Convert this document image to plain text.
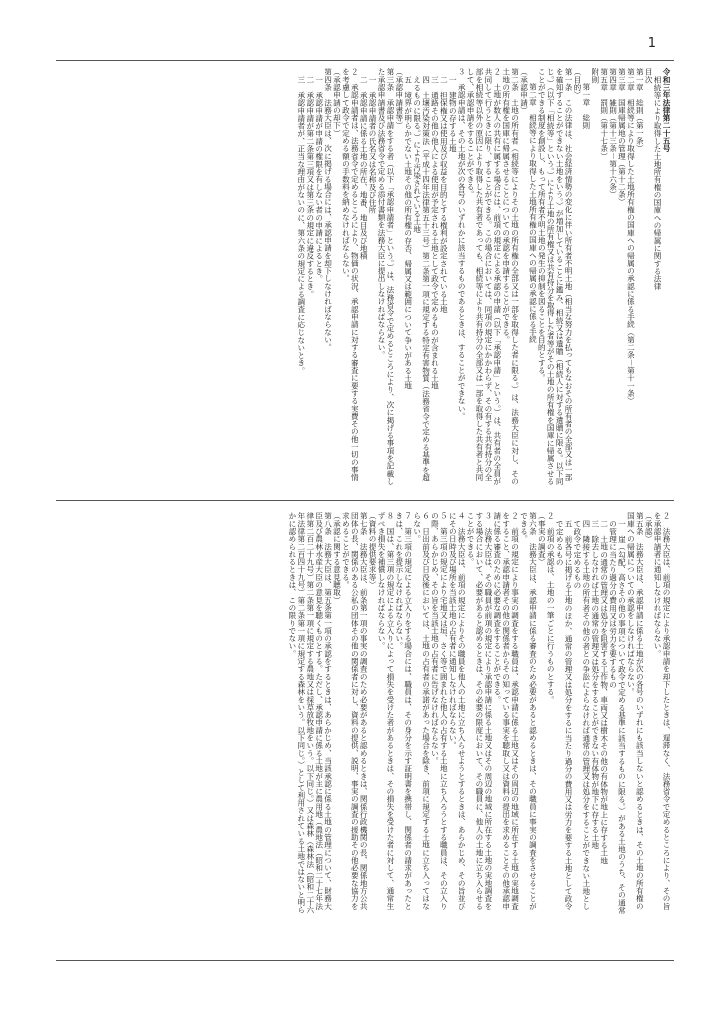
1
令和三年法律第二十五号
相続等により取得した土地所有権の国庫への帰属に関する法律
目次
第一章　総則（第一条）
第二章　相続等により取得した土地所有権の国庫への帰属の承認に係る手続（第二条－第十一条）
第三章　国庫帰属地の管理（第十二条）
第四章　雑則（第十三条－第十六条）
第五章　罰則（第十七条）
附則
第一章　総則
（目的）
第一条　この法律は、社会経済情勢の変化に伴い所有者不明土地（相当な努力を払ってもなおその所有者の全部又は一部を確知することができない土地をいう。）が増加していることに鑑み、相続又は遺贈（相続人に対する遺贈に限る。以下同じ。）（以下「相続等」という。）により土地の所有権又は共有持分を取得した者等がその土地の所有権を国庫に帰属させることができる制度を創設し、もって所有者不明土地の発生の抑制を図ることを目的とする。
第二章　相続等により取得した土地所有権の国庫への帰属の承認に係る手続
（承認申請）
第二条　土地の所有者（相続等によりその土地の所有権の全部又は一部を取得した者に限る。）は、法務大臣に対し、その土地の所有権を国庫に帰属させることについての承認を申請することができる。
２　土地が数人の共有に属する場合には、前項の規定による承認の申請（以下「承認申請」という。）は、共有者の全員が共同して行うときに限り、することができる。この場合においては、同項の規定にかかわらず、その有する共有持分の全部を相続等以外の原因により取得した共有者であっても、相続等により共有持分の全部又は一部を取得した共有者と共同して、承認申請をすることができる。
３　承認申請は、その土地が次の各号のいずれかに該当するものであるときは、することができない。
一　建物の存する土地
二　担保権又は使用及び収益を目的とする権利が設定されている土地
三　通路その他の他人による使用が予定される土地として政令で定めるものが含まれる土地
四　土壌汚染対策法（平成十四年法律第五十三号）第二条第一項に規定する特定有害物質（法務省令で定める基準を超えるものに限る。）により汚染されている土地
五　境界が明らかでない土地その他の所有権の存否、帰属又は範囲について争いがある土地
（承認申請書等）
第三条　承認申請をする者（以下「承認申請者」という。）は、法務省令で定めるところにより、次に掲げる事項を記載した承認申請書及び法務省令で定める添付書類を法務大臣に提出しなければならない。
一　承認申請者の氏名又は名称及び住所
二　承認申請に係る土地の所在、地番、地目及び地積
２　承認申請者は、法務省令で定めるところにより、物価の状況、承認申請に対する審査に要する実費その他一切の事情を考慮して政令で定める額の手数料を納めなければならない。
（承認申請の却下）
第四条　法務大臣は、次に掲げる場合には、承認申請を却下しなければならない。
一　承認申請が申請の権限を有しない者の申請によるとき。
二　承認申請が第二条第三項又は第三条の規定に違反するとき。
三　承認申請者が、正当な理由がないのに、第六条の規定による調査に応じないとき。
２　法務大臣は、前項の規定により承認申請を却下したときは、遅滞なく、法務省令で定めるところにより、その旨を承認申請者に通知しなければならない。
（承認）
第五条　法務大臣は、承認申請に係る土地が次の各号のいずれにも該当しないと認めるときは、その土地の所有権の国庫への帰属についての承認をしなければならない。
一　崖（勾配、高さその他の事項について政令で定める基準に該当するものに限る。）がある土地のうち、その通常の管理に当たり過分の費用又は労力を要するもの
二　土地の通常の管理又は処分を阻害する工作物、車両又は樹木その他の有体物が地上に存する土地
三　除去しなければ土地の通常の管理又は処分をすることができない有体物が地下に存する土地
四　隣接する土地の所有者その他の者との争訟によらなければ通常の管理又は処分をすることができない土地として政令で定めるもの
五　前各号に掲げる土地のほか、通常の管理又は処分をするに当たり過分の費用又は労力を要する土地として政令で定めるもの
２　前項の承認は、土地の一筆ごとに行うものとする。
（事実の調査）
第六条　法務大臣は、承認申請に係る審査のため必要があると認めるときは、その職員に事実の調査をさせることができる。
２　前項の規定により事実の調査をする職員は、承認申請に係る土地又はその周辺の地域に所在する土地の実地調査をすること、承認申請者その他の関係者からその知っている事実を聴取し又は資料の提出を求めることその他承認申請に係る審査のために必要な調査をすることができる。
３　法務大臣は、その職員が前項の規定により承認申請に係る土地又はその周辺の地域に所在する土地の実地調査をする場合において、必要があると認めるときは、その必要の限度において、その職員に、他人の土地に立ち入らせることができる。
４　法務大臣は、前項の規定によりその職員を他人の土地に立ち入らせようとするときは、あらかじめ、その旨並びにその日時及び場所を当該土地の占有者に通知しなければならない。
５　第三項の規定により宅地又は垣、さく等で囲まれた他人の占有する土地に立ち入ろうとする職員は、その立入りの際、あらかじめ、その旨を当該土地の占有者に告げなければならない。
６　日出前及び日没後においては、土地の占有者の承諾があった場合を除き、前項に規定する土地に立ち入ってはならない。
７　第三項の規定による立入りをする場合には、職員は、その身分を示す証明書を携帯し、関係者の請求があったときは、これを提示しなければならない。
８　国は、第三項の規定による立入りによって損失を受けた者があるときは、その損失を受けた者に対して、通常生ずべき損失を補償しなければならない。
（資料の提供要求等）
第七条　法務大臣は、前条第一項の事実の調査のため必要があると認めるときは、関係行政機関の長、関係地方公共団体の長、関係のある公私の団体その他の関係者に対し、資料の提供、説明、事実の調査の援助その他必要な協力を求めることができる。
（承認に関する意見聴取）
第八条　法務大臣は、第五条第一項の承認をするときは、あらかじめ、当該承認に係る土地の管理について、財務大臣及び農林水産大臣の意見を聴くものとする。ただし、承認申請に係る土地が主に農用地（農地法（昭和二十七年法律第二百二十九号）第二条第一項に規定する農地又は採草放牧地をいう。以下同じ。）又は森林（森林法（昭和二十六年法律第二百四十九号）第二条第一項に規定する森林をいう。以下同じ。）として利用されている土地ではないと明らかに認められるときは、この限りでない。
